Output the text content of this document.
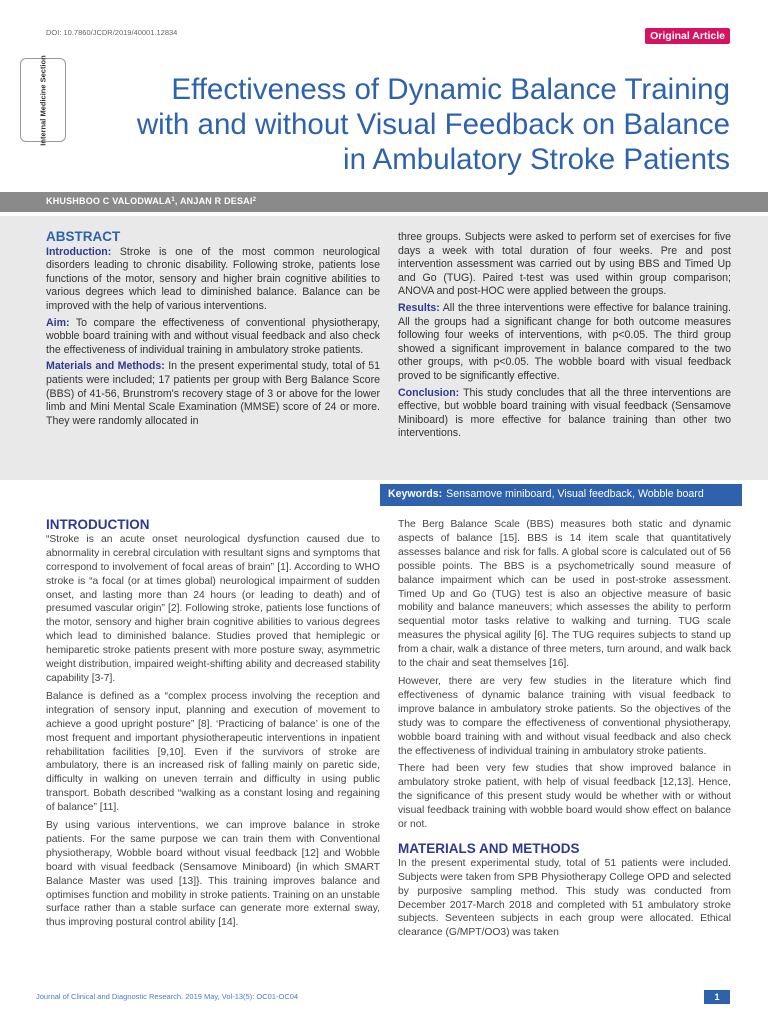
DOI: 10.7860/JCDR/2019/40001.12834	Original Article
Internal Medicine Section	Effectiveness of Dynamic Balance Training with and without Visual Feedback on Balance in Ambulatory Stroke Patients
KHUSHBOO C VALODWALA$^1$, ANJAN R DESAI$^2$
ABSTRACT

Introduction: Stroke is one of the most common neurological disorders leading to chronic disability. Following stroke, patients lose functions of the motor, sensory and higher brain cognitive abilities to various degrees which lead to diminished balance. Balance can be improved with the help of various interventions.

Aim: To compare the effectiveness of conventional physiotherapy, wobble board training with and without visual feedback and also check the effectiveness of individual training in ambulatory stroke patients.

Materials and Methods: In the present experimental study, total of 51 patients were included; 17 patients per group with Berg Balance Score (BBS) of 41-56, Brunstrom's recovery stage of 3 or above for the lower limb and Mini Mental Scale Examination (MMSE) score of 24 or more. They were randomly allocated in

three groups. Subjects were asked to perform set of exercises for five days a week with total duration of four weeks. Pre and post intervention assessment was carried out by using BBS and Timed Up and Go (TUG). Paired t-test was used within group comparison; ANOVA and post-HOC were applied between the groups.

Results: All the three interventions were effective for balance training. All the groups had a significant change for both outcome measures following four weeks of interventions, with p<0.05. The third group showed a significant improvement in balance compared to the two other groups, with p<0.05. The wobble board with visual feedback proved to be significantly effective.

Conclusion: This study concludes that all the three interventions are effective, but wobble board training with visual feedback (Sensamove Miniboard) is more effective for balance training than other two interventions.

Keywords: Sensamove miniboard, Visual feedback, Wobble board
INTRODUCTION

“Stroke is an acute onset neurological dysfunction caused due to abnormality in cerebral circulation with resultant signs and symptoms that correspond to involvement of focal areas of brain” [1]. According to WHO stroke is “a focal (or at times global) neurological impairment of sudden onset, and lasting more than 24 hours (or leading to death) and of presumed vascular origin” [2]. Following stroke, patients lose functions of the motor, sensory and higher brain cognitive abilities to various degrees which lead to diminished balance. Studies proved that hemiplegic or hemiparetic stroke patients present with more posture sway, asymmetric weight distribution, impaired weight-shifting ability and decreased stability capability [3-7].

Balance is defined as a “complex process involving the reception and integration of sensory input, planning and execution of movement to achieve a good upright posture” [8]. ‘Practicing of balance’ is one of the most frequent and important physiotherapeutic interventions in inpatient rehabilitation facilities [9,10]. Even if the survivors of stroke are ambulatory, there is an increased risk of falling mainly on paretic side, difficulty in walking on uneven terrain and difficulty in using public transport. Bobath described “walking as a constant losing and regaining of balance” [11].

By using various interventions, we can improve balance in stroke patients. For the same purpose we can train them with Conventional physiotherapy, Wobble board without visual feedback [12] and Wobble board with visual feedback (Sensamove Miniboard) {in which SMART Balance Master was used [13]}. This training improves balance and optimises function and mobility in stroke patients. Training on an unstable surface rather than a stable surface can generate more external sway, thus improving postural control ability [14].

The Berg Balance Scale (BBS) measures both static and dynamic aspects of balance [15]. BBS is 14 item scale that quantitatively assesses balance and risk for falls. A global score is calculated out of 56 possible points. The BBS is a psychometrically sound measure of balance impairment which can be used in post-stroke assessment. Timed Up and Go (TUG) test is also an objective measure of basic mobility and balance maneuvers; which assesses the ability to perform sequential motor tasks relative to walking and turning. TUG scale measures the physical agility [6]. The TUG requires subjects to stand up from a chair, walk a distance of three meters, turn around, and walk back to the chair and seat themselves [16].

However, there are very few studies in the literature which find effectiveness of dynamic balance training with visual feedback to improve balance in ambulatory stroke patients. So the objectives of the study was to compare the effectiveness of conventional physiotherapy, wobble board training with and without visual feedback and also check the effectiveness of individual training in ambulatory stroke patients.

There had been very few studies that show improved balance in ambulatory stroke patient, with help of visual feedback [12,13]. Hence, the significance of this present study would be whether with or without visual feedback training with wobble board would show effect on balance or not.

MATERIALS AND METHODS

In the present experimental study, total of 51 patients were included. Subjects were taken from SPB Physiotherapy College OPD and selected by purposive sampling method. This study was conducted from December 2017-March 2018 and completed with 51 ambulatory stroke subjects. Seventeen subjects in each group were allocated. Ethical clearance (G/MPT/OO3) was taken

Journal of Clinical and Diagnostic Research. 2019 May, Vol-13(5): OC01-OC04	1
